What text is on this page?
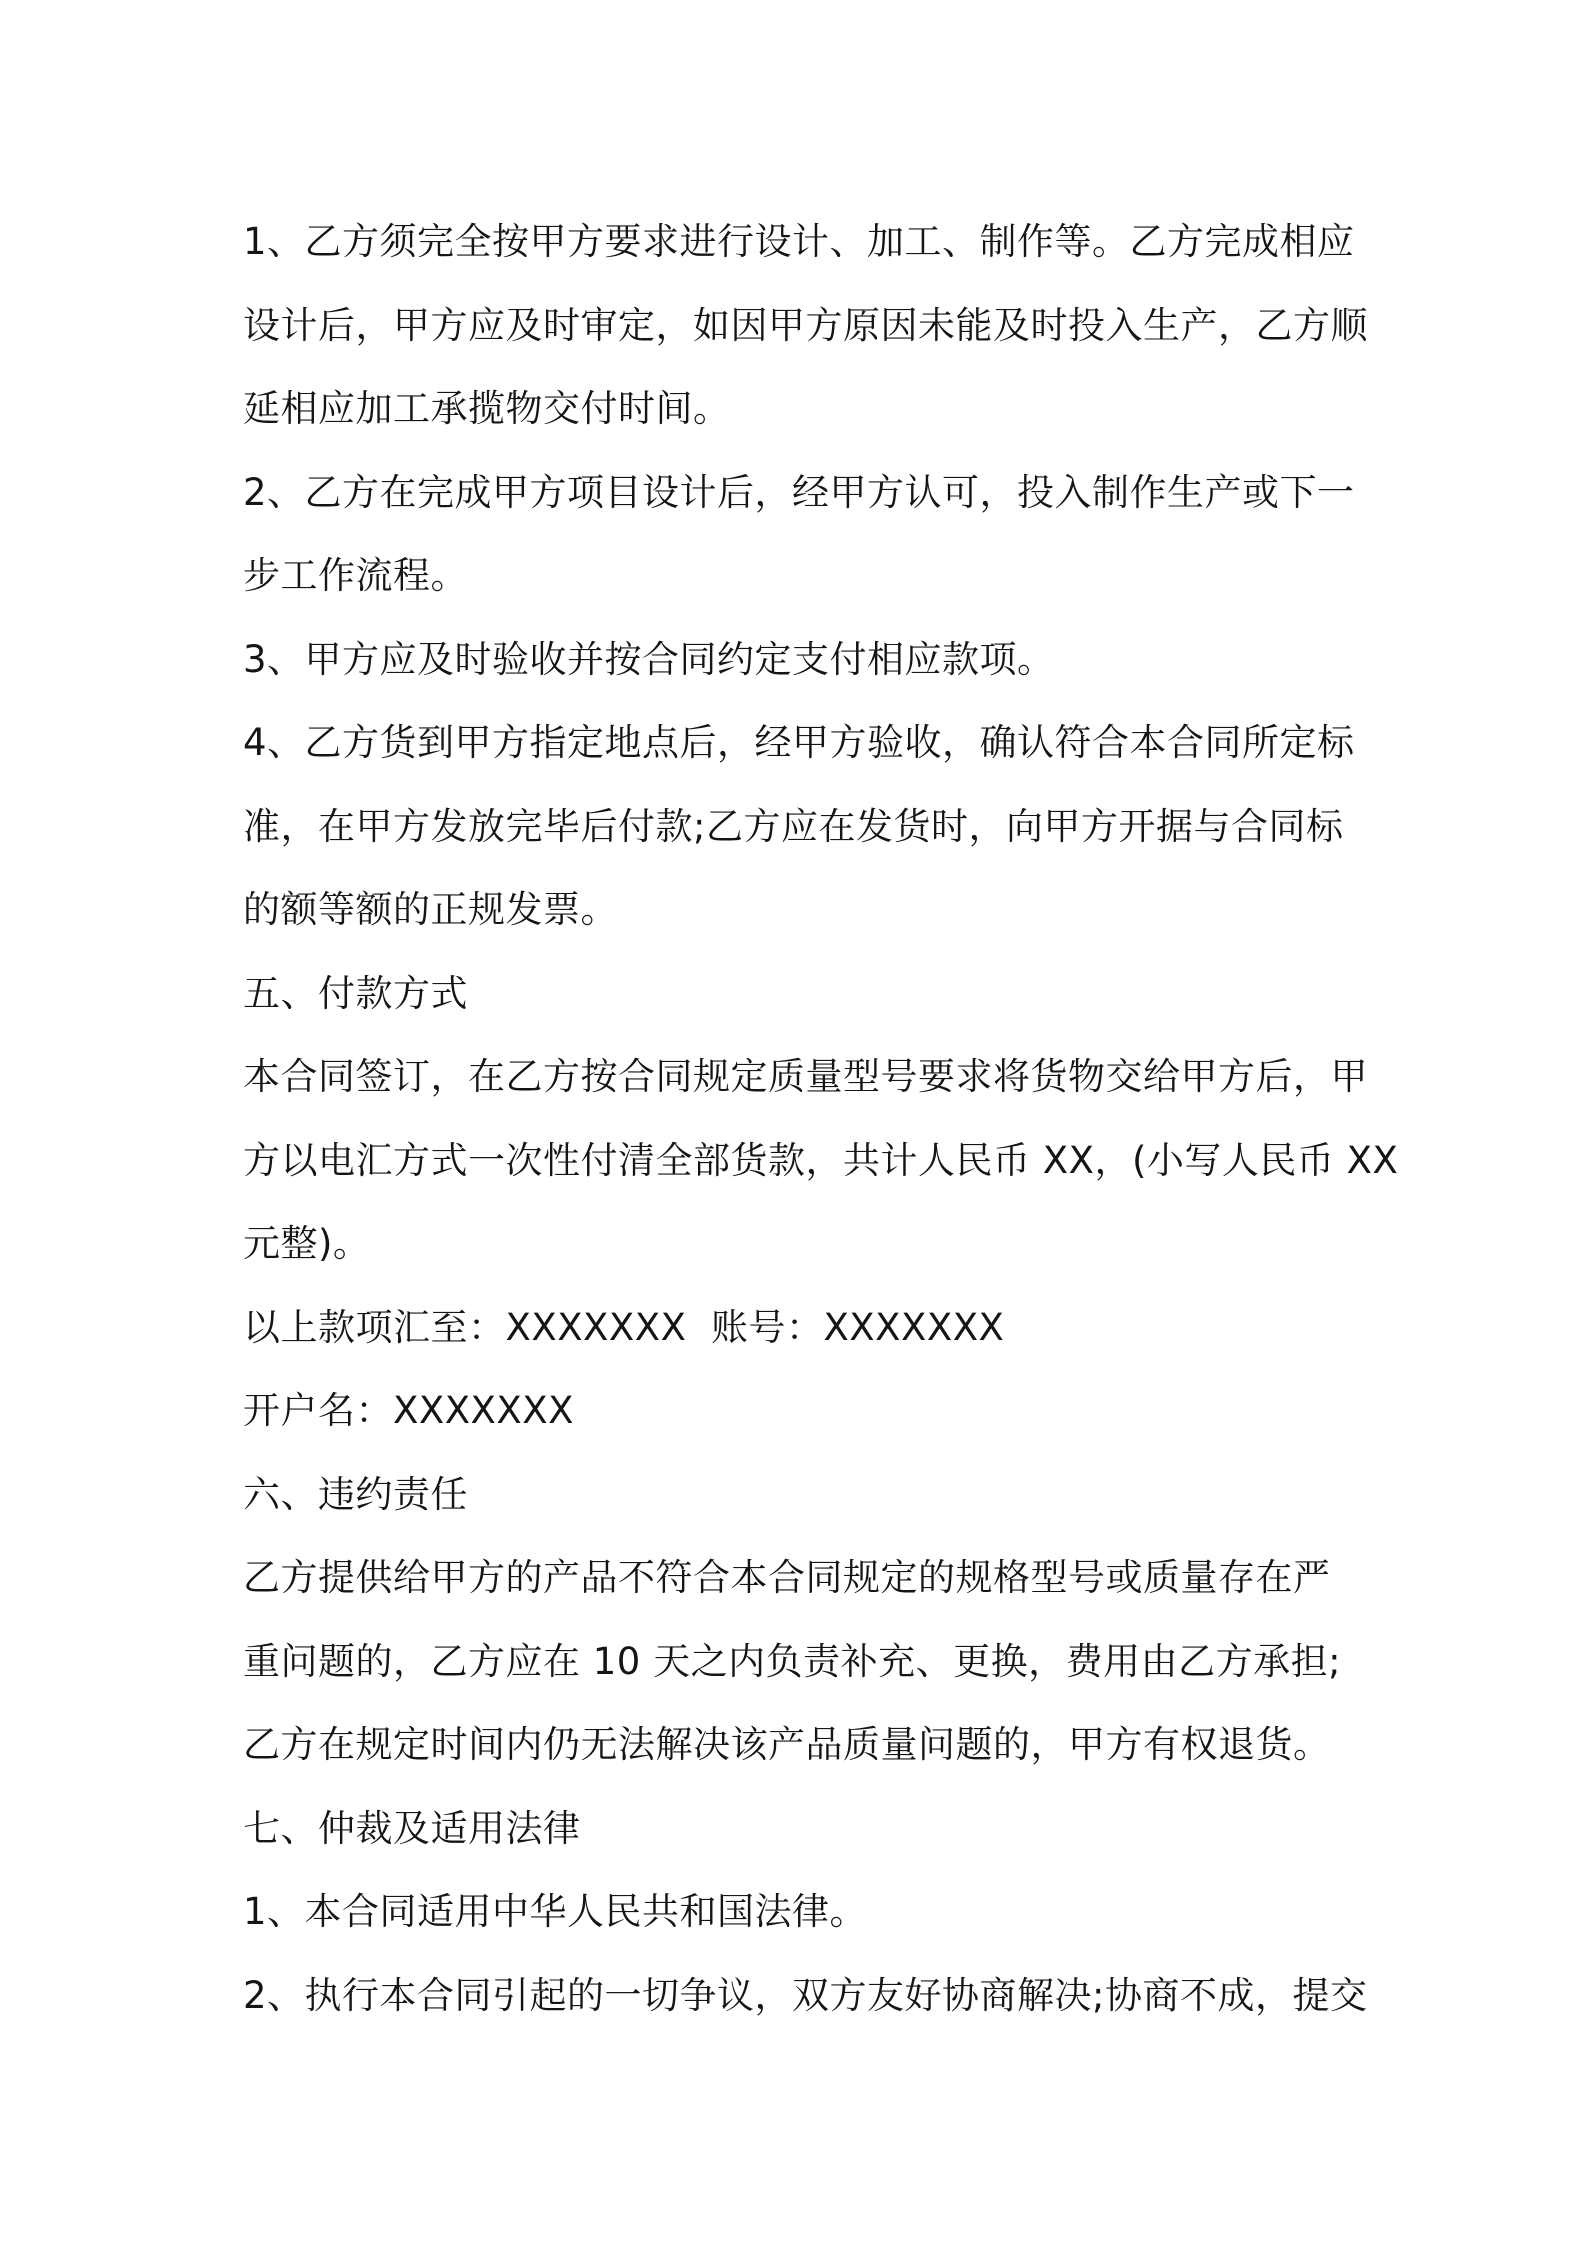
1、乙方须完全按甲方要求进行设计、加工、制作等。乙方完成相应
设计后，甲方应及时审定，如因甲方原因未能及时投入生产，乙方顺
延相应加工承揽物交付时间。
2、乙方在完成甲方项目设计后，经甲方认可，投入制作生产或下一
步工作流程。
3、甲方应及时验收并按合同约定支付相应款项。
4、乙方货到甲方指定地点后，经甲方验收，确认符合本合同所定标
准，在甲方发放完毕后付款;乙方应在发货时，向甲方开据与合同标
的额等额的正规发票。
五、付款方式
本合同签订，在乙方按合同规定质量型号要求将货物交给甲方后，甲
方以电汇方式一次性付清全部货款，共计人民币 XX，(小写人民币 XX
元整)。
以上款项汇至：XXXXXXX  账号：XXXXXXX
开户名：XXXXXXX
六、违约责任
乙方提供给甲方的产品不符合本合同规定的规格型号或质量存在严
重问题的，乙方应在 10 天之内负责补充、更换，费用由乙方承担;
乙方在规定时间内仍无法解决该产品质量问题的，甲方有权退货。
七、仲裁及适用法律
1、本合同适用中华人民共和国法律。
2、执行本合同引起的一切争议，双方友好协商解决;协商不成，提交
